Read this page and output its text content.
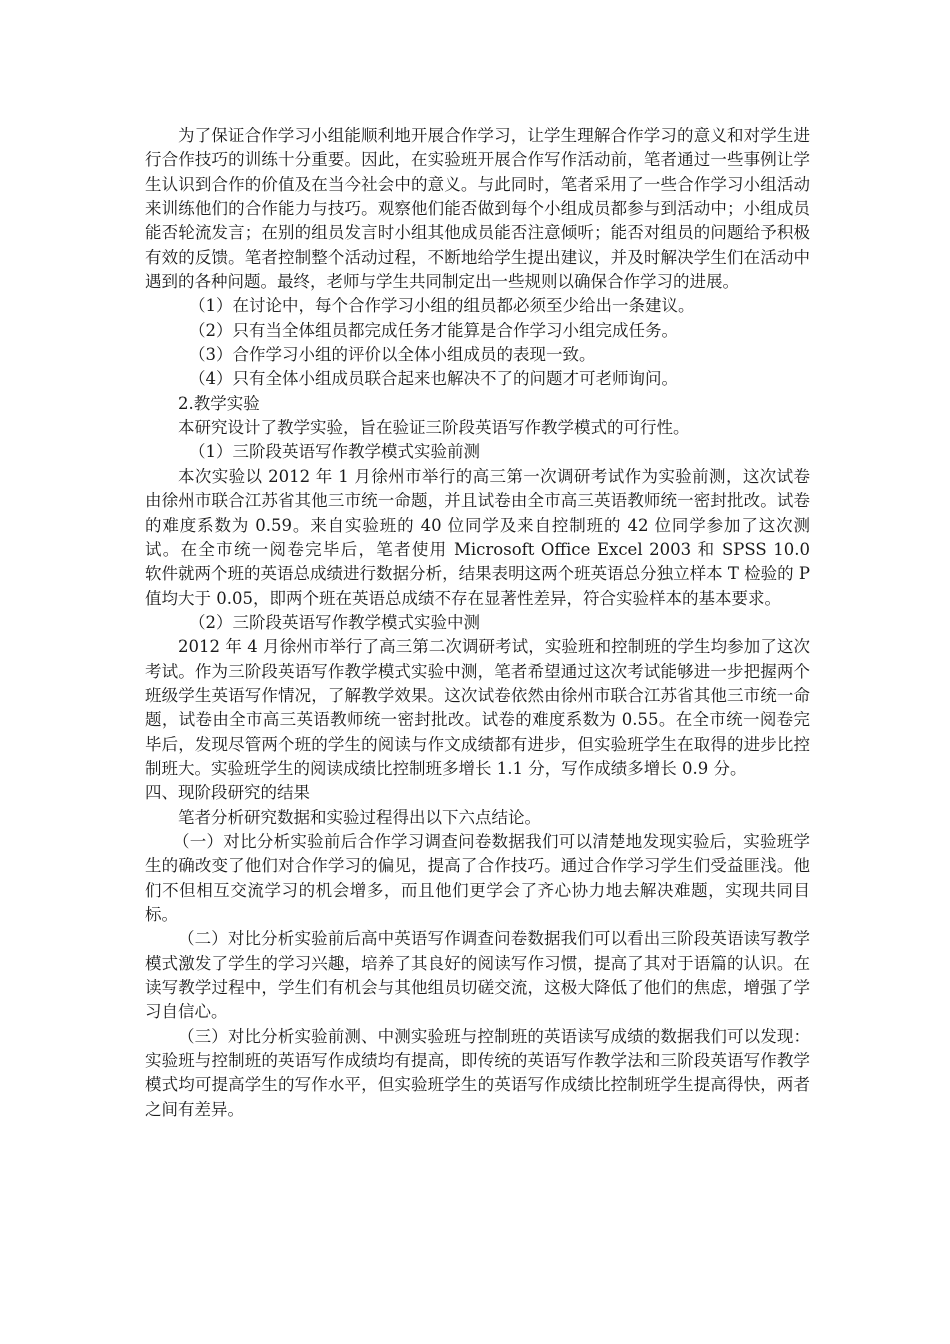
为了保证合作学习小组能顺利地开展合作学习，让学生理解合作学习的意义和对学生进行合作技巧的训练十分重要。因此，在实验班开展合作写作活动前，笔者通过一些事例让学生认识到合作的价值及在当今社会中的意义。与此同时，笔者采用了一些合作学习小组活动来训练他们的合作能力与技巧。观察他们能否做到每个小组成员都参与到活动中；小组成员能否轮流发言；在别的组员发言时小组其他成员能否注意倾听；能否对组员的问题给予积极有效的反馈。笔者控制整个活动过程，不断地给学生提出建议，并及时解决学生们在活动中遇到的各种问题。最终，老师与学生共同制定出一些规则以确保合作学习的进展。

（1）在讨论中，每个合作学习小组的组员都必须至少给出一条建议。

（2）只有当全体组员都完成任务才能算是合作学习小组完成任务。

（3）合作学习小组的评价以全体小组成员的表现一致。

（4）只有全体小组成员联合起来也解决不了的问题才可老师询问。

2.教学实验

本研究设计了教学实验，旨在验证三阶段英语写作教学模式的可行性。

（1）三阶段英语写作教学模式实验前测

本次实验以 2012 年 1 月徐州市举行的高三第一次调研考试作为实验前测，这次试卷由徐州市联合江苏省其他三市统一命题，并且试卷由全市高三英语教师统一密封批改。试卷的难度系数为 0.59。来自实验班的 40 位同学及来自控制班的 42 位同学参加了这次测试。在全市统一阅卷完毕后，笔者使用 Microsoft Office Excel 2003 和 SPSS 10.0　软件就两个班的英语总成绩进行数据分析，结果表明这两个班英语总分独立样本 T 检验的 P 值均大于 0.05，即两个班在英语总成绩不存在显著性差异，符合实验样本的基本要求。

（2）三阶段英语写作教学模式实验中测

2012 年 4 月徐州市举行了高三第二次调研考试，实验班和控制班的学生均参加了这次考试。作为三阶段英语写作教学模式实验中测，笔者希望通过这次考试能够进一步把握两个班级学生英语写作情况，了解教学效果。这次试卷依然由徐州市联合江苏省其他三市统一命题，试卷由全市高三英语教师统一密封批改。试卷的难度系数为 0.55。在全市统一阅卷完毕后，发现尽管两个班的学生的阅读与作文成绩都有进步，但实验班学生在取得的进步比控制班大。实验班学生的阅读成绩比控制班多增长 1.1 分，写作成绩多增长 0.9 分。

四、现阶段研究的结果

笔者分析研究数据和实验过程得出以下六点结论。

（一）对比分析实验前后合作学习调查问卷数据我们可以清楚地发现实验后，实验班学生的确改变了他们对合作学习的偏见，提高了合作技巧。通过合作学习学生们受益匪浅。他们不但相互交流学习的机会增多，而且他们更学会了齐心协力地去解决难题，实现共同目标。

（二）对比分析实验前后高中英语写作调查问卷数据我们可以看出三阶段英语读写教学模式激发了学生的学习兴趣，培养了其良好的阅读写作习惯，提高了其对于语篇的认识。在读写教学过程中，学生们有机会与其他组员切磋交流，这极大降低了他们的焦虑，增强了学习自信心。

（三）对比分析实验前测、中测实验班与控制班的英语读写成绩的数据我们可以发现：实验班与控制班的英语写作成绩均有提高，即传统的英语写作教学法和三阶段英语写作教学模式均可提高学生的写作水平，但实验班学生的英语写作成绩比控制班学生提高得快，两者之间有差异。
